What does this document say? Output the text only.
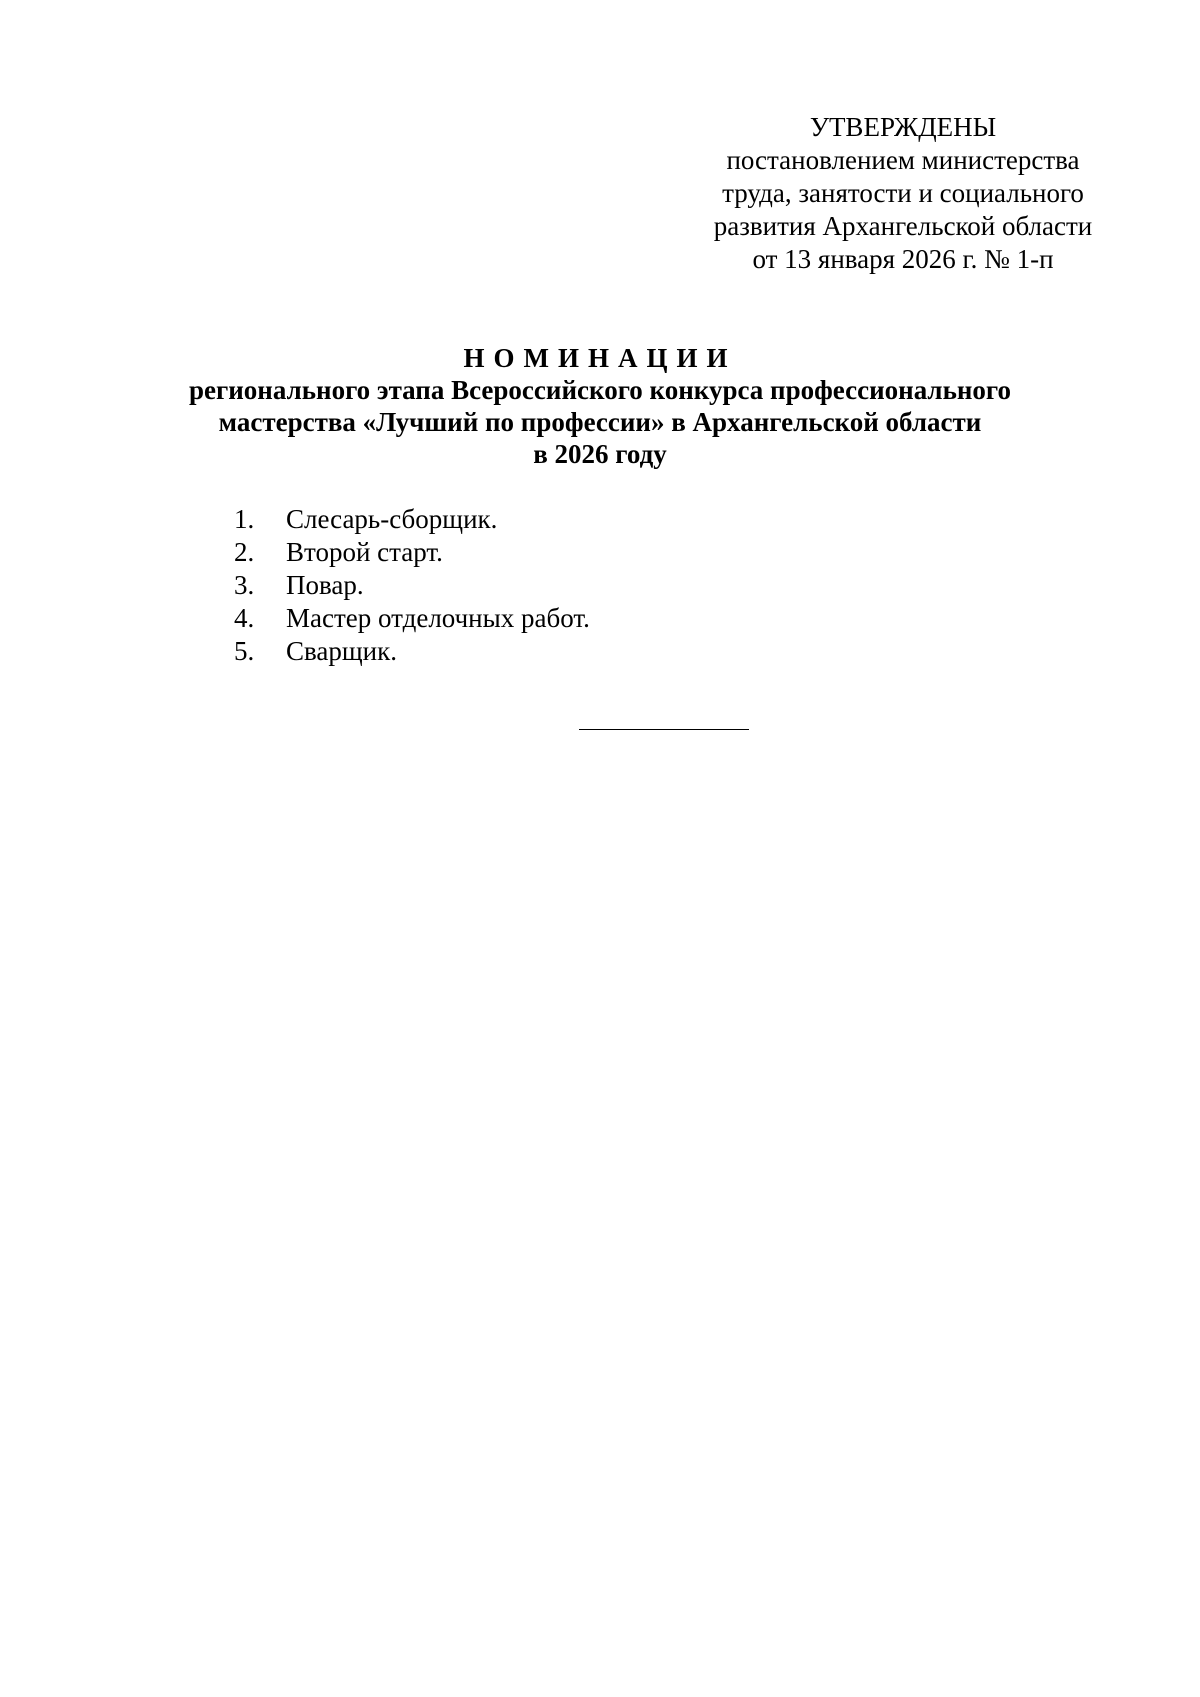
УТВЕРЖДЕНЫ
постановлением министерства
труда, занятости и социального
развития Архангельской области
от 13 января 2026 г. № 1-п
НОМИНАЦИИ
регионального этапа Всероссийского конкурса профессионального
мастерства «Лучший по профессии» в Архангельской области
в 2026 году
1. Слесарь-сборщик.
2. Второй старт.
3. Повар.
4. Мастер отделочных работ.
5. Сварщик.
